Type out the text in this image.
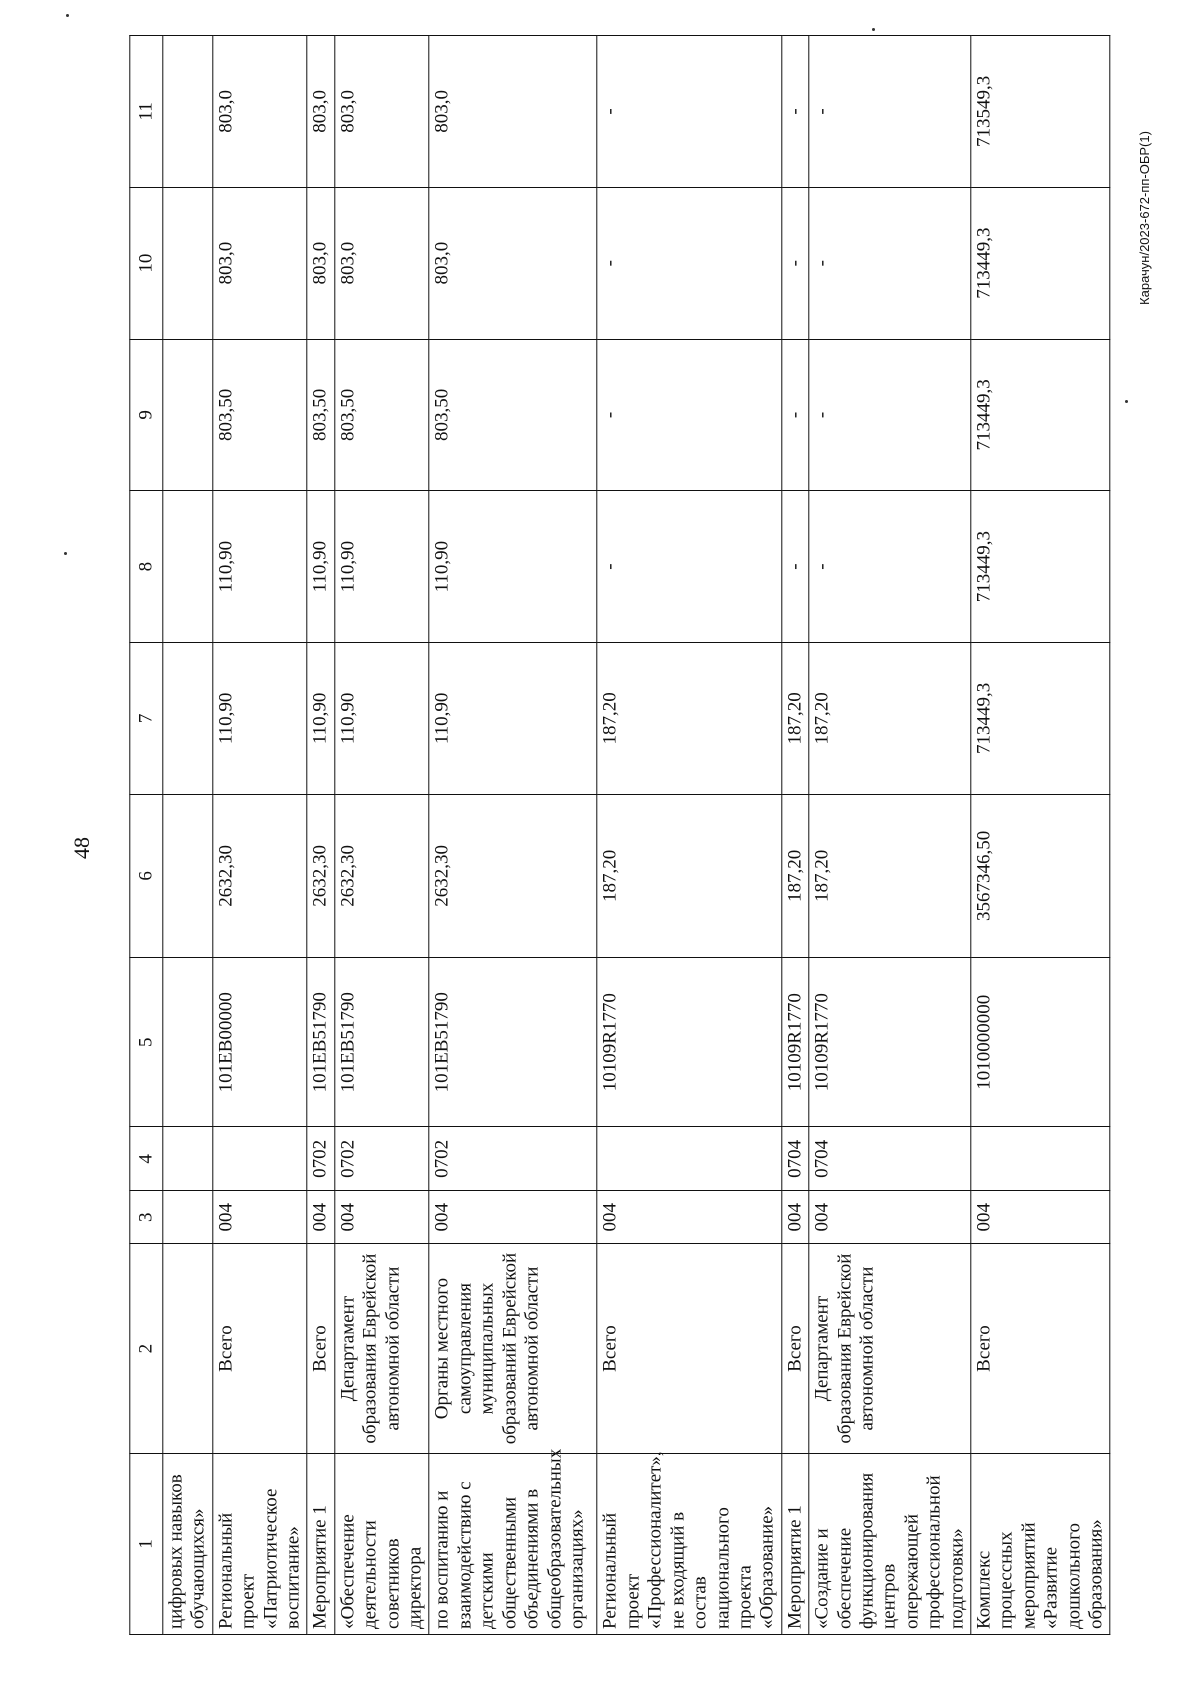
48
Карачун/2023-672-пп-ОБР(1)
1	2	3	4	5	6	7	8	9	10	11
цифровых навыков обучающихся»										
Региональный проект «Патриотическое воспитание»	Всего	004		101EB00000	2632,30	110,90	110,90	803,50	803,0	803,0
Мероприятие 1	Всего	004	0702	101EB51790	2632,30	110,90	110,90	803,50	803,0	803,0
«Обеспечение деятельности советников директора	Департамент образования Еврейской автономной области	004	0702	101EB51790	2632,30	110,90	110,90	803,50	803,0	803,0
по воспитанию и взаимодействию с детскими общественными объединениями в общеобразовательных организациях»	Органы местного самоуправления муниципальных образований Еврейской автономной области	004	0702	101EB51790	2632,30	110,90	110,90	803,50	803,0	803,0
Региональный проект «Профессионалитет», не входящий в состав национального проекта «Образование»	Всего	004		10109R1770	187,20	187,20	-	-	-	-
Мероприятие 1	Всего	004	0704	10109R1770	187,20	187,20	-	-	-	-
«Создание и обеспечение функционирования центров опережающей профессиональной подготовки»	Департамент образования Еврейской автономной области	004	0704	10109R1770	187,20	187,20	-	-	-	-
Комплекс процессных мероприятий «Развитие дошкольного образования»	Всего	004		1010000000	3567346,50	713449,3	713449,3	713449,3	713449,3	713549,3
